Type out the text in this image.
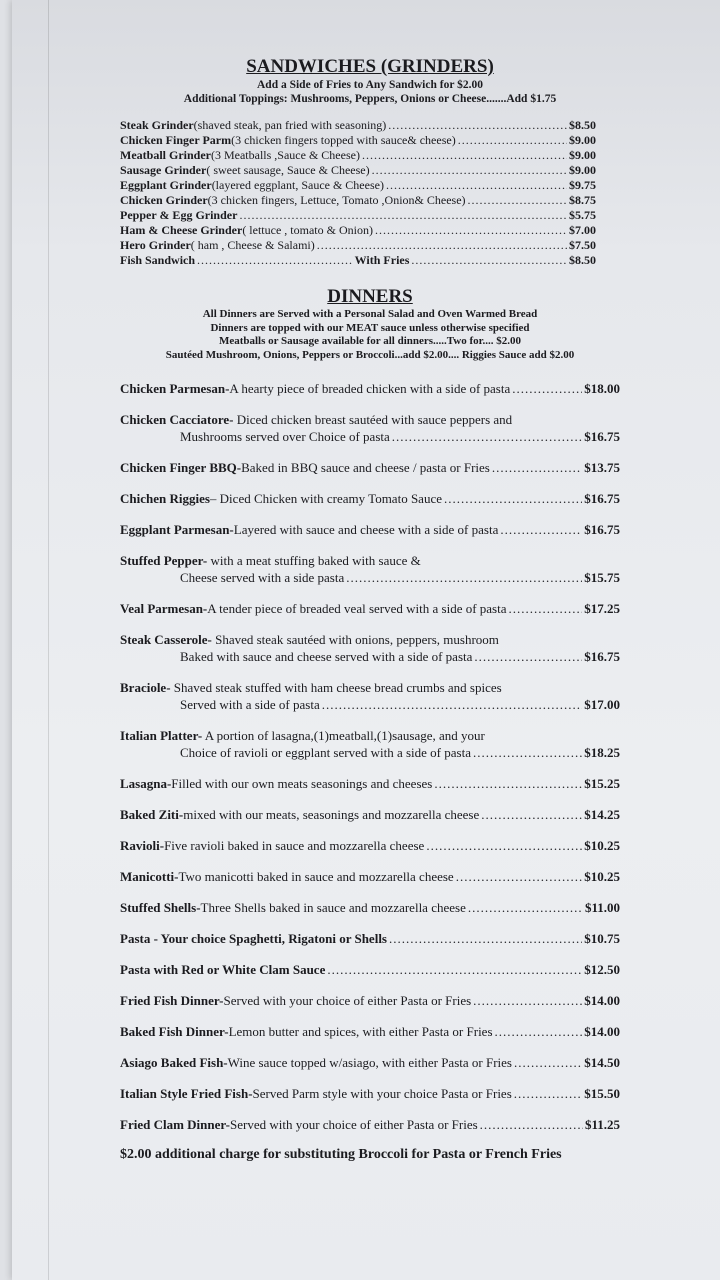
SANDWICHES (GRINDERS)

Add a Side of Fries to Any Sandwich for $2.00

Additional Toppings: Mushrooms, Peppers, Onions or Cheese.......Add $1.75

Steak Grinder (shaved steak, pan fried with seasoning) .....	$8.50
Chicken Finger Parm (3 chicken fingers topped with sauce& cheese) .....	$9.00
Meatball Grinder (3 Meatballs ,Sauce & Cheese) .....	$9.00
Sausage Grinder ( sweet sausage, Sauce & Cheese) .....	$9.00
Eggplant Grinder (layered eggplant, Sauce & Cheese) .....	$9.75
Chicken Grinder (3 chicken fingers, Lettuce, Tomato ,Onion& Cheese) .....	$8.75
Pepper & Egg Grinder .....	$5.75
Ham & Cheese Grinder ( lettuce , tomato & Onion) .....	$7.00
Hero Grinder ( ham , Cheese & Salami) .....	$7.50
Fish Sandwich .....	With Fries .....	$8.50

DINNERS

All Dinners are Served with a Personal Salad and Oven Warmed Bread

Dinners are topped with our MEAT sauce unless otherwise specified

Meatballs or Sausage available for all dinners.....Two for.... $2.00

Sautéed Mushroom, Onions, Peppers or Broccoli...add $2.00.... Riggies Sauce add $2.00

Chicken Parmesan- A hearty piece of breaded chicken with a side of pasta .....	$18.00
Chicken Cacciatore- Diced chicken breast sautéed with sauce peppers and
Mushrooms served over Choice of pasta .....	$16.75
Chicken Finger BBQ- Baked in BBQ sauce and cheese / pasta or Fries .....	$13.75
Chichen Riggies – Diced Chicken with creamy Tomato Sauce .....	$16.75
Eggplant Parmesan- Layered with sauce and cheese with a side of pasta .....	$16.75
Stuffed Pepper- with a meat stuffing baked with sauce &
Cheese served with a side pasta .....	$15.75
Veal Parmesan- A tender piece of breaded veal served with a side of pasta .....	$17.25
Steak Casserole- Shaved steak sautéed with onions, peppers, mushroom
Baked with sauce and cheese served with a side of pasta .....	$16.75
Braciole- Shaved steak stuffed with ham cheese bread crumbs and spices
Served with a side of pasta .....	$17.00
Italian Platter- A portion of lasagna,(1)meatball,(1)sausage, and your
Choice of ravioli or eggplant served with a side of pasta .....	$18.25
Lasagna- Filled with our own meats seasonings and cheeses .....	$15.25
Baked Ziti- mixed with our meats, seasonings and mozzarella cheese .....	$14.25
Ravioli- Five ravioli baked in sauce and mozzarella cheese .....	$10.25
Manicotti- Two manicotti baked in sauce and mozzarella cheese .....	$10.25
Stuffed Shells- Three Shells baked in sauce and mozzarella cheese .....	$11.00
Pasta - Your choice Spaghetti, Rigatoni or Shells .....	$10.75
Pasta with Red or White Clam Sauce .....	$12.50
Fried Fish Dinner- Served with your choice of either Pasta or Fries .....	$14.00
Baked Fish Dinner- Lemon butter and spices, with either Pasta or Fries .....	$14.00
Asiago Baked Fish- Wine sauce topped w/asiago, with either Pasta or Fries .....	$14.50
Italian Style Fried Fish- Served Parm style with your choice Pasta or Fries .....	$15.50
Fried Clam Dinner- Served with your choice of either Pasta or Fries .....	$11.25
$2.00 additional charge for substituting Broccoli for Pasta or French Fries
